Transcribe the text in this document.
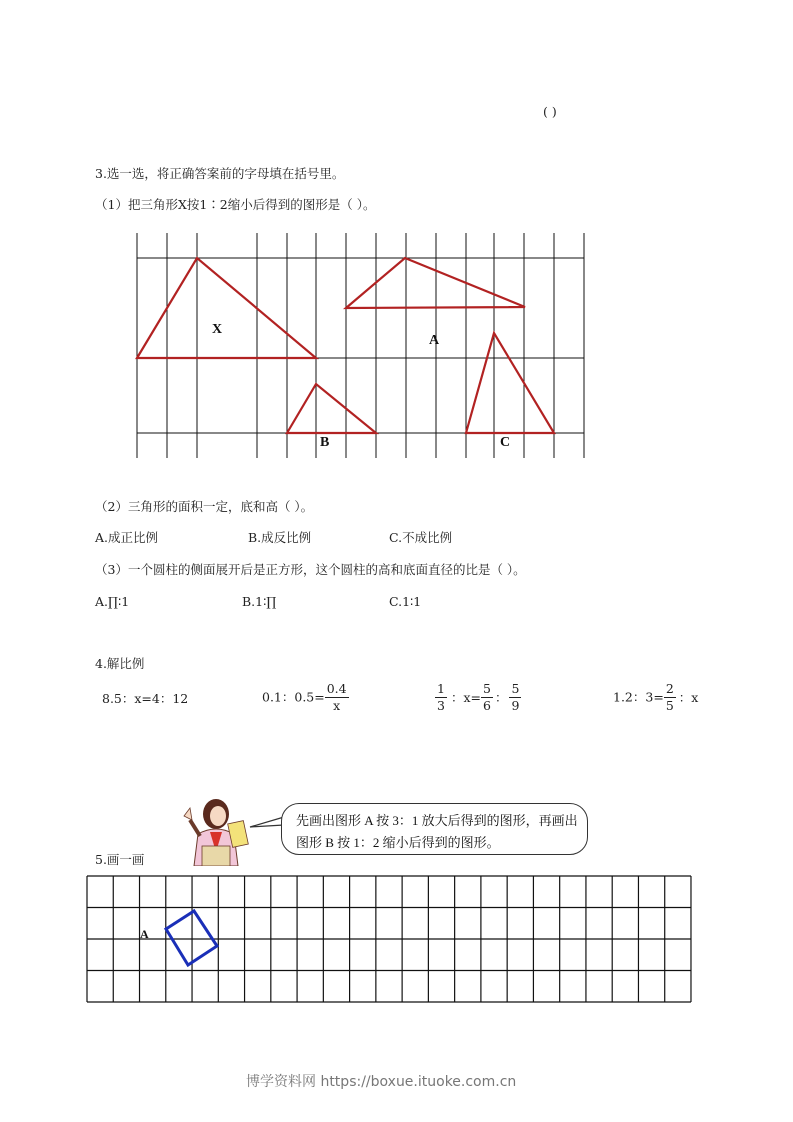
( )
3.选一选，将正确答案前的字母填在括号里。
（1）把三角形X按1∶2缩小后得到的图形是（ ）。
X
A
B	C
（2）三角形的面积一定，底和高（ ）。
A.成正比例	B.成反比例	C.不成比例
（3）一个圆柱的侧面展开后是正方形，这个圆柱的高和底面直径的比是（ ）。
A.∏∶1	B.1∶∏	C.1∶1
4.解比例
8.5：x=4：12	0.1：$0.5= \frac{0.4}{x}$	$\frac{1}{3}$ ：$x= \frac{5}{6}$ ： $\frac{5}{9}$	1.2：$3= \frac{2}{5}$ ：x
先画出图形 A 按 3：1 放大后得到的图形，再画出图形 B 按 1：2 缩小后得到的图形。
5.画一画
A
博学资料网 https://boxue.ituoke.com.cn
